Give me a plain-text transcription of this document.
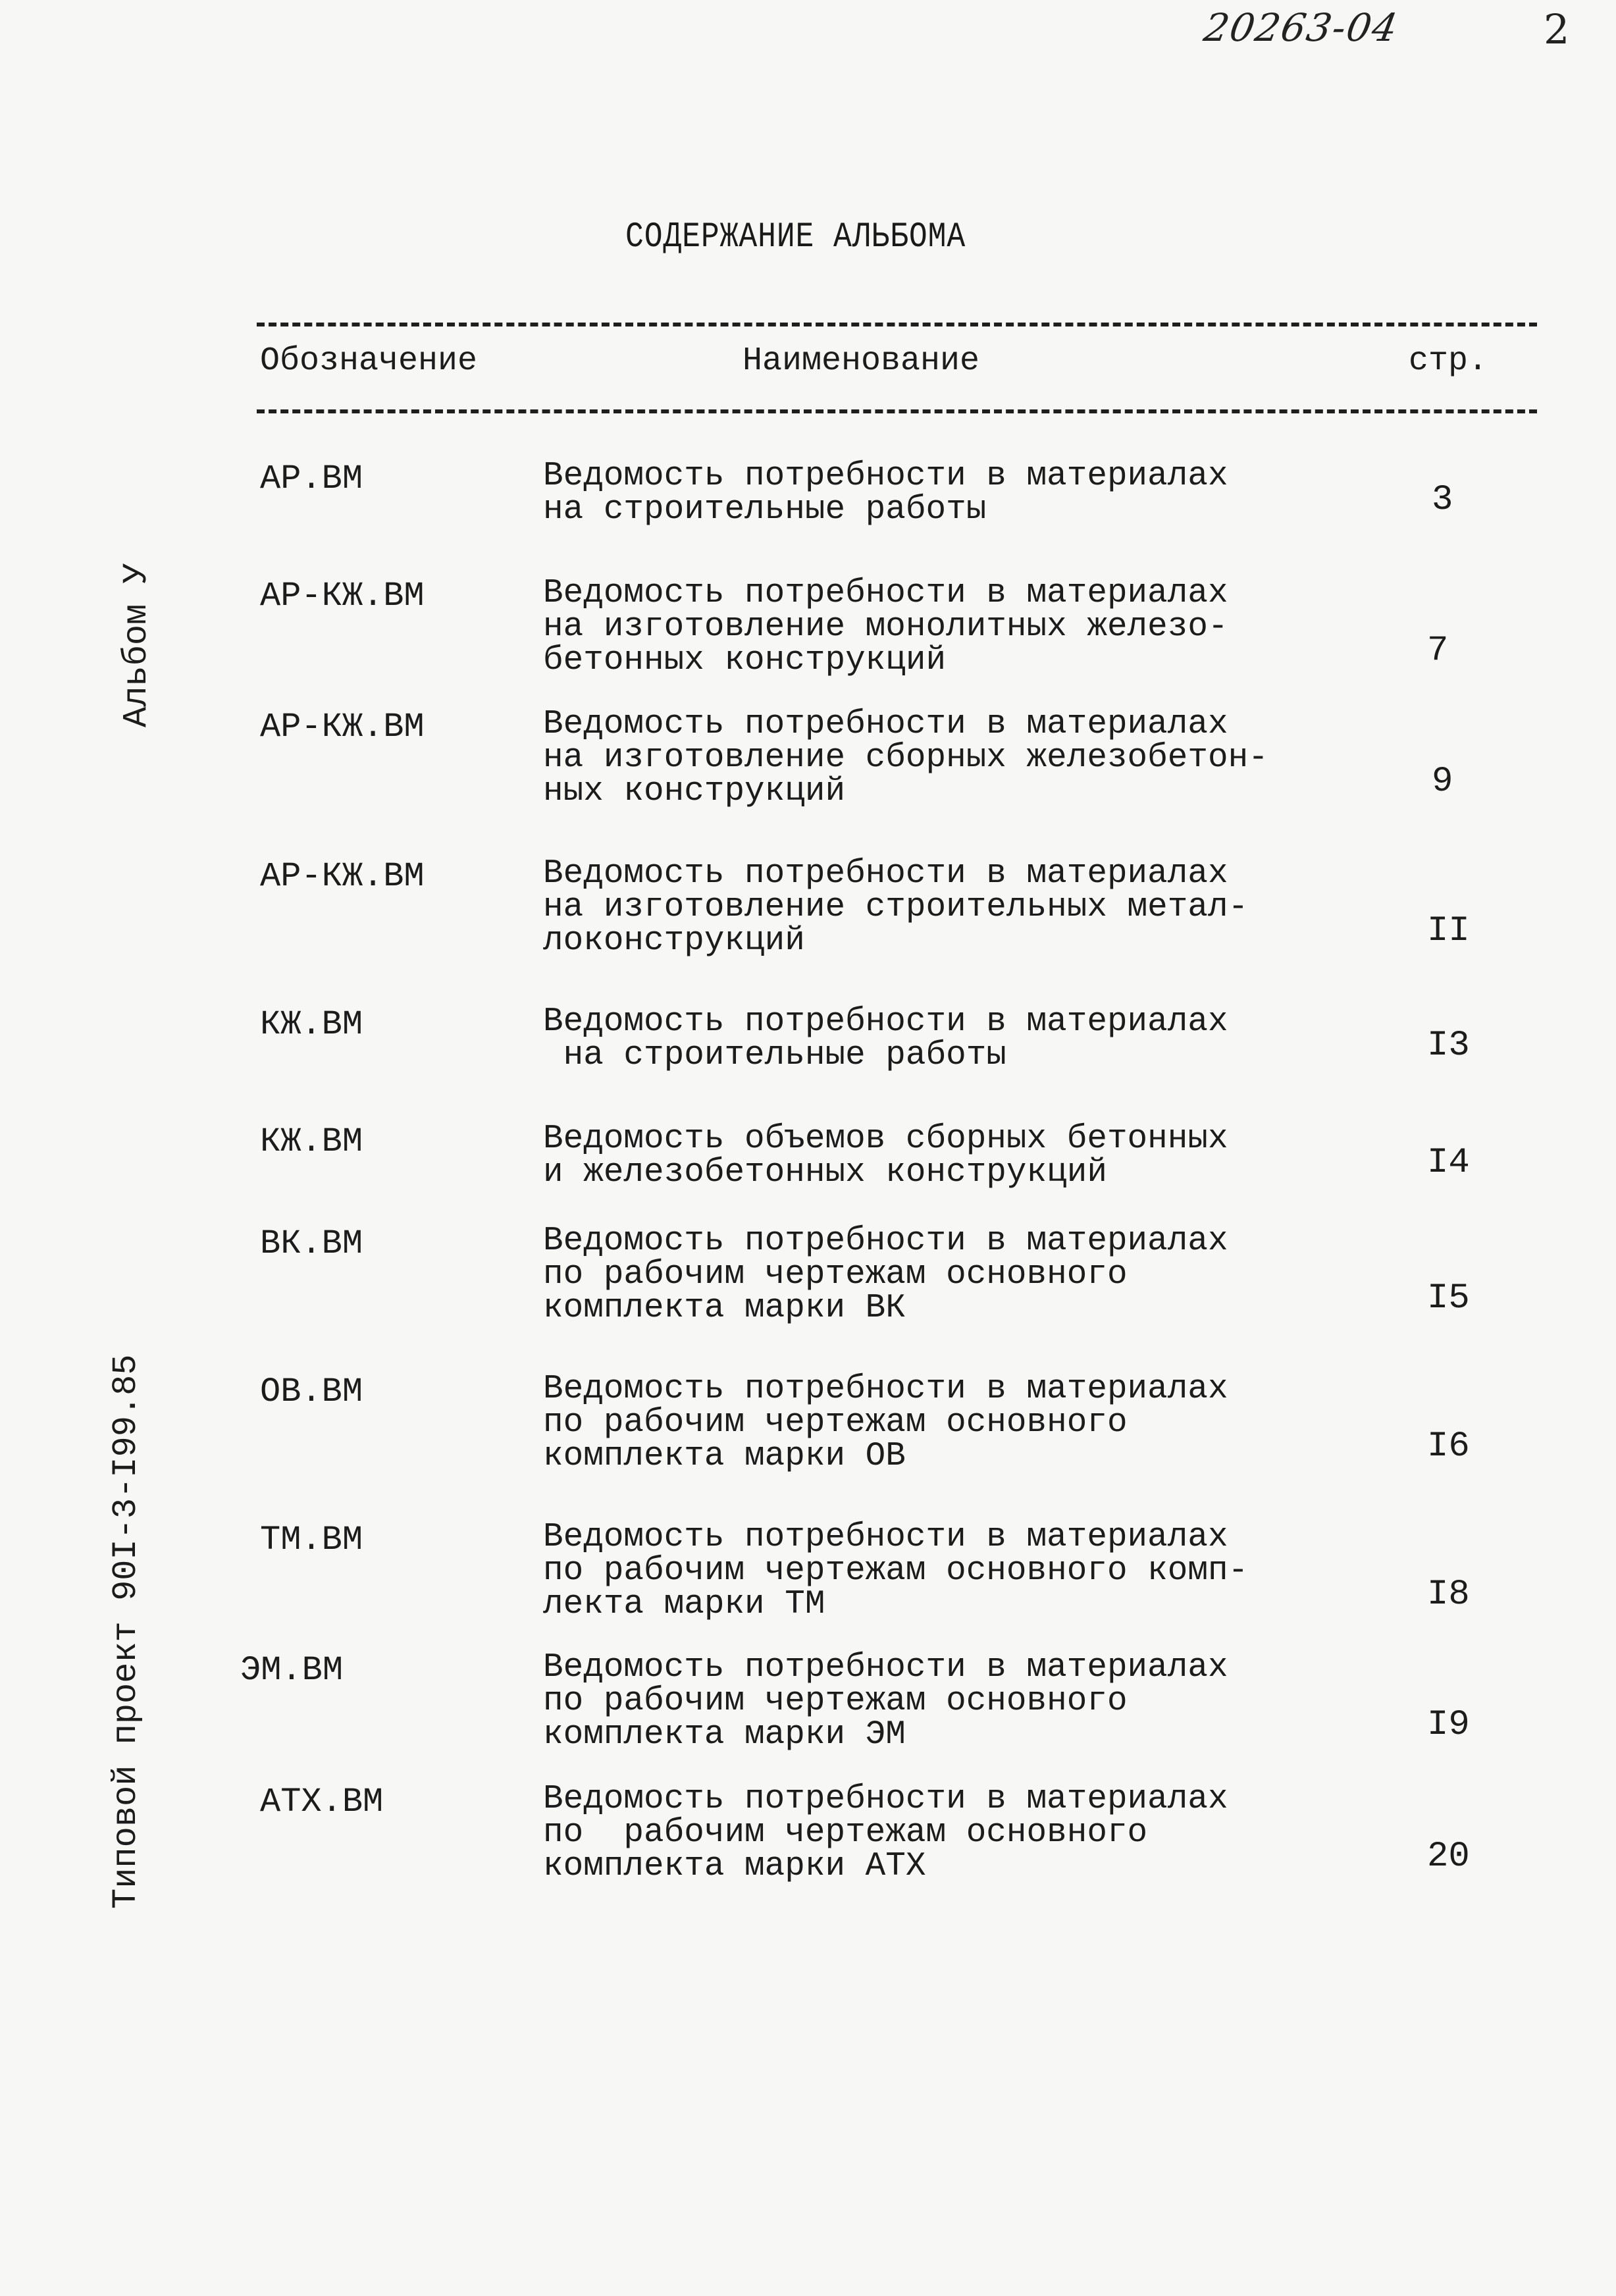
20263-04	2
СОДЕРЖАНИЕ АЛЬБОМА
Альбом У
Типовой проект 90I-3-I99.85
Обозначение	Наименование	стр.
АР.ВМ	Ведомость потребности в материалах
на строительные работы	3
АР-КЖ.ВМ	Ведомость потребности в материалах
на изготовление монолитных железо-
бетонных конструкций	7
АР-КЖ.ВМ	Ведомость потребности в материалах
на изготовление сборных железобетон-
ных конструкций	9
АР-КЖ.ВМ	Ведомость потребности в материалах
на изготовление строительных метал-
локонструкций	II
КЖ.ВМ	Ведомость потребности в материалах
на строительные работы	I3
КЖ.ВМ	Ведомость объемов сборных бетонных
и железобетонных конструкций	I4
ВК.ВМ	Ведомость потребности в материалах
по рабочим чертежам основного
комплекта марки ВК	I5
ОВ.ВМ	Ведомость потребности в материалах
по рабочим чертежам основного
комплекта марки ОВ	I6
ТМ.ВМ	Ведомость потребности в материалах
по рабочим чертежам основного комп-
лекта марки ТМ	I8
ЭМ.ВМ	Ведомость потребности в материалах
по рабочим чертежам основного
комплекта марки ЭМ	I9
АТХ.ВМ	Ведомость потребности в материалах
по  рабочим чертежам основного
комплекта марки АТХ	20
